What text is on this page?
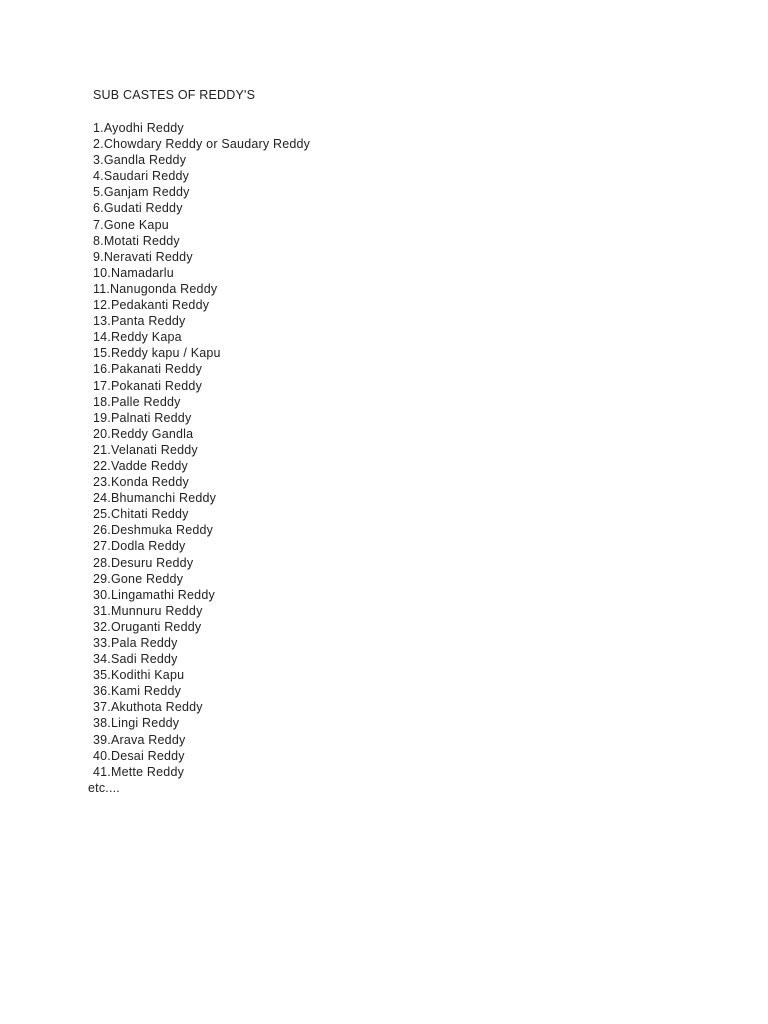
SUB CASTES OF REDDY'S
1.Ayodhi Reddy
2.Chowdary Reddy or Saudary Reddy
3.Gandla Reddy
4.Saudari Reddy
5.Ganjam Reddy
6.Gudati Reddy
7.Gone Kapu
8.Motati Reddy
9.Neravati Reddy
10.Namadarlu
11.Nanugonda Reddy
12.Pedakanti Reddy
13.Panta Reddy
14.Reddy Kapa
15.Reddy kapu / Kapu
16.Pakanati Reddy
17.Pokanati Reddy
18.Palle Reddy
19.Palnati Reddy
20.Reddy Gandla
21.Velanati Reddy
22.Vadde Reddy
23.Konda Reddy
24.Bhumanchi Reddy
25.Chitati Reddy
26.Deshmuka Reddy
27.Dodla Reddy
28.Desuru Reddy
29.Gone Reddy
30.Lingamathi Reddy
31.Munnuru Reddy
32.Oruganti Reddy
33.Pala Reddy
34.Sadi Reddy
35.Kodithi Kapu
36.Kami Reddy
37.Akuthota Reddy
38.Lingi Reddy
39.Arava Reddy
40.Desai Reddy
41.Mette Reddy
etc....
